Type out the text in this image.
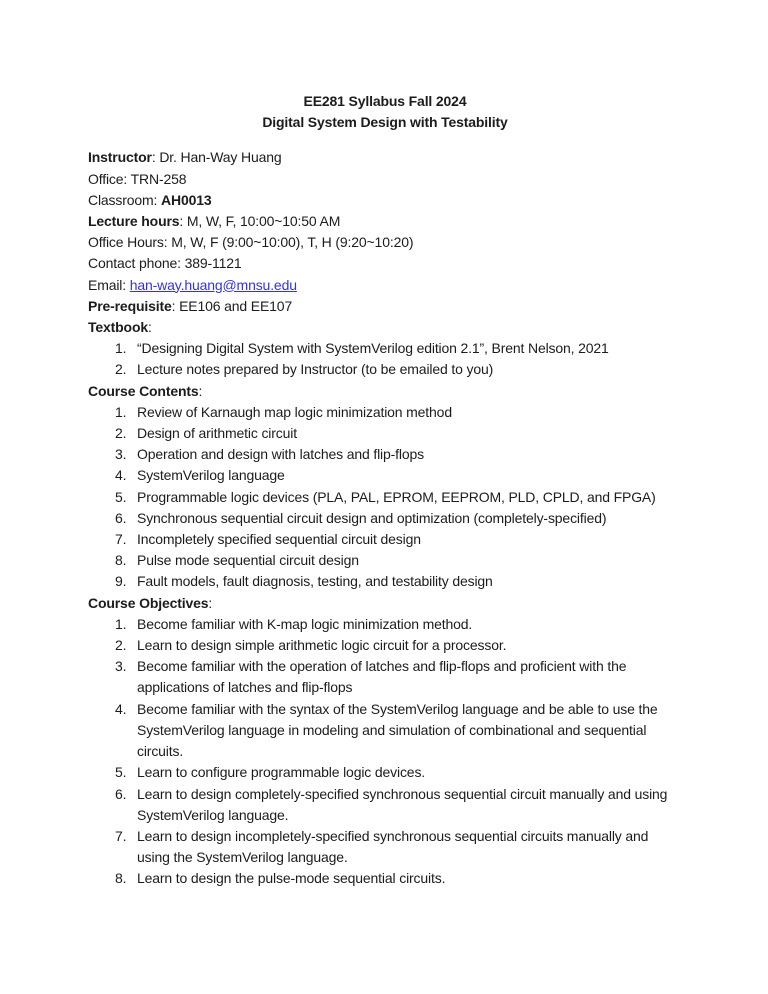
EE281 Syllabus Fall 2024
Digital System Design with Testability
Instructor: Dr. Han-Way Huang
Office: TRN-258
Classroom: AH0013
Lecture hours: M, W, F, 10:00~10:50 AM
Office Hours: M, W, F (9:00~10:00), T, H (9:20~10:20)
Contact phone: 389-1121
Email: han-way.huang@mnsu.edu
Pre-requisite: EE106 and EE107
Textbook:
1. “Designing Digital System with SystemVerilog edition 2.1”, Brent Nelson, 2021
2. Lecture notes prepared by Instructor (to be emailed to you)
Course Contents:
1. Review of Karnaugh map logic minimization method
2. Design of arithmetic circuit
3. Operation and design with latches and flip-flops
4. SystemVerilog language
5. Programmable logic devices (PLA, PAL, EPROM, EEPROM, PLD, CPLD, and FPGA)
6. Synchronous sequential circuit design and optimization (completely-specified)
7. Incompletely specified sequential circuit design
8. Pulse mode sequential circuit design
9. Fault models, fault diagnosis, testing, and testability design
Course Objectives:
1. Become familiar with K-map logic minimization method.
2. Learn to design simple arithmetic logic circuit for a processor.
3. Become familiar with the operation of latches and flip-flops and proficient with the applications of latches and flip-flops
4. Become familiar with the syntax of the SystemVerilog language and be able to use the SystemVerilog language in modeling and simulation of combinational and sequential circuits.
5. Learn to configure programmable logic devices.
6. Learn to design completely-specified synchronous sequential circuit manually and using SystemVerilog language.
7. Learn to design incompletely-specified synchronous sequential circuits manually and using the SystemVerilog language.
8. Learn to design the pulse-mode sequential circuits.
